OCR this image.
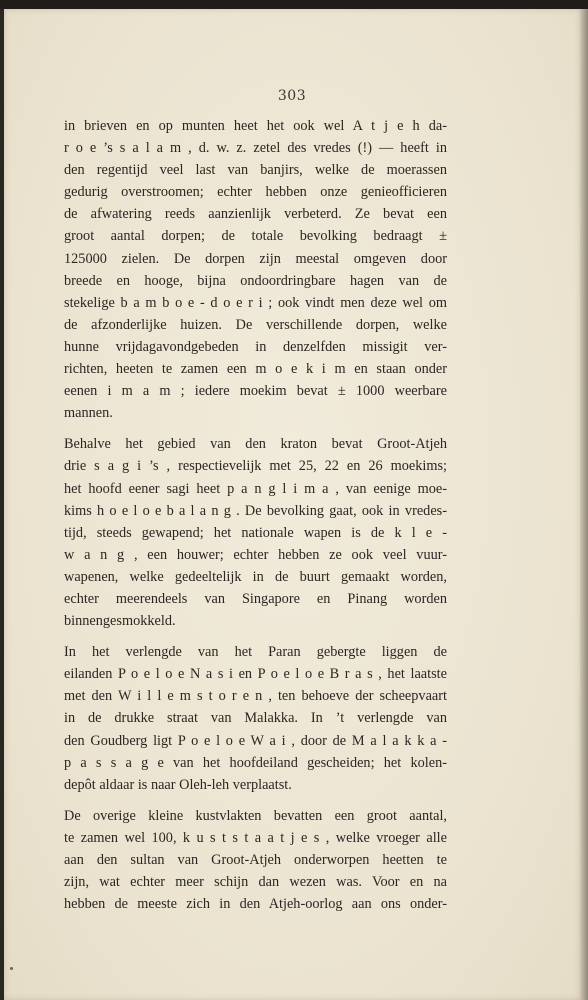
303
in brieven en op munten heet het ook wel A t j e h da-
r o e ’s s a l a m , d. w. z. zetel des vredes (!) — heeft in
den regentijd veel last van banjirs, welke de moerassen
gedurig overstroomen; echter hebben onze genieofficieren
de afwatering reeds aanzienlijk verbeterd. Ze bevat een
groot aantal dorpen; de totale bevolking bedraagt ±
125000 zielen. De dorpen zijn meestal omgeven door
breede en hooge, bijna ondoordringbare hagen van de
stekelige b a m b o e - d o e r i ; ook vindt men deze wel om
de afzonderlijke huizen. De verschillende dorpen, welke
hunne vrijdagavondgebeden in denzelfden missigit ver-
richten, heeten te zamen een m o e k i m en staan onder
eenen i m a m ; iedere moekim bevat ± 1000 weerbare
mannen.
Behalve het gebied van den kraton bevat Groot-Atjeh
drie s a g i ’s , respectievelijk met 25, 22 en 26 moekims;
het hoofd eener sagi heet p a n g l i m a , van eenige moe-
kims h o e l o e b a l a n g . De bevolking gaat, ook in vredes-
tijd, steeds gewapend; het nationale wapen is de k l e -
w a n g , een houwer; echter hebben ze ook veel vuur-
wapenen, welke gedeeltelijk in de buurt gemaakt worden,
echter meerendeels van Singapore en Pinang worden
binnengesmokkeld.
In het verlengde van het Paran gebergte liggen de
eilanden P o e l o e N a s i en P o e l o e B r a s , het laatste
met den W i l l e m s t o r e n , ten behoeve der scheepvaart
in de drukke straat van Malakka. In ’t verlengde van
den Goudberg ligt P o e l o e W a i , door de M a l a k k a -
p a s s a g e van het hoofdeiland gescheiden; het kolen-
depôt aldaar is naar Oleh-leh verplaatst.
De overige kleine kustvlakten bevatten een groot aantal,
te zamen wel 100, k u s t s t a a t j e s , welke vroeger alle
aan den sultan van Groot-Atjeh onderworpen heetten te
zijn, wat echter meer schijn dan wezen was. Voor en na
hebben de meeste zich in den Atjeh-oorlog aan ons onder-
